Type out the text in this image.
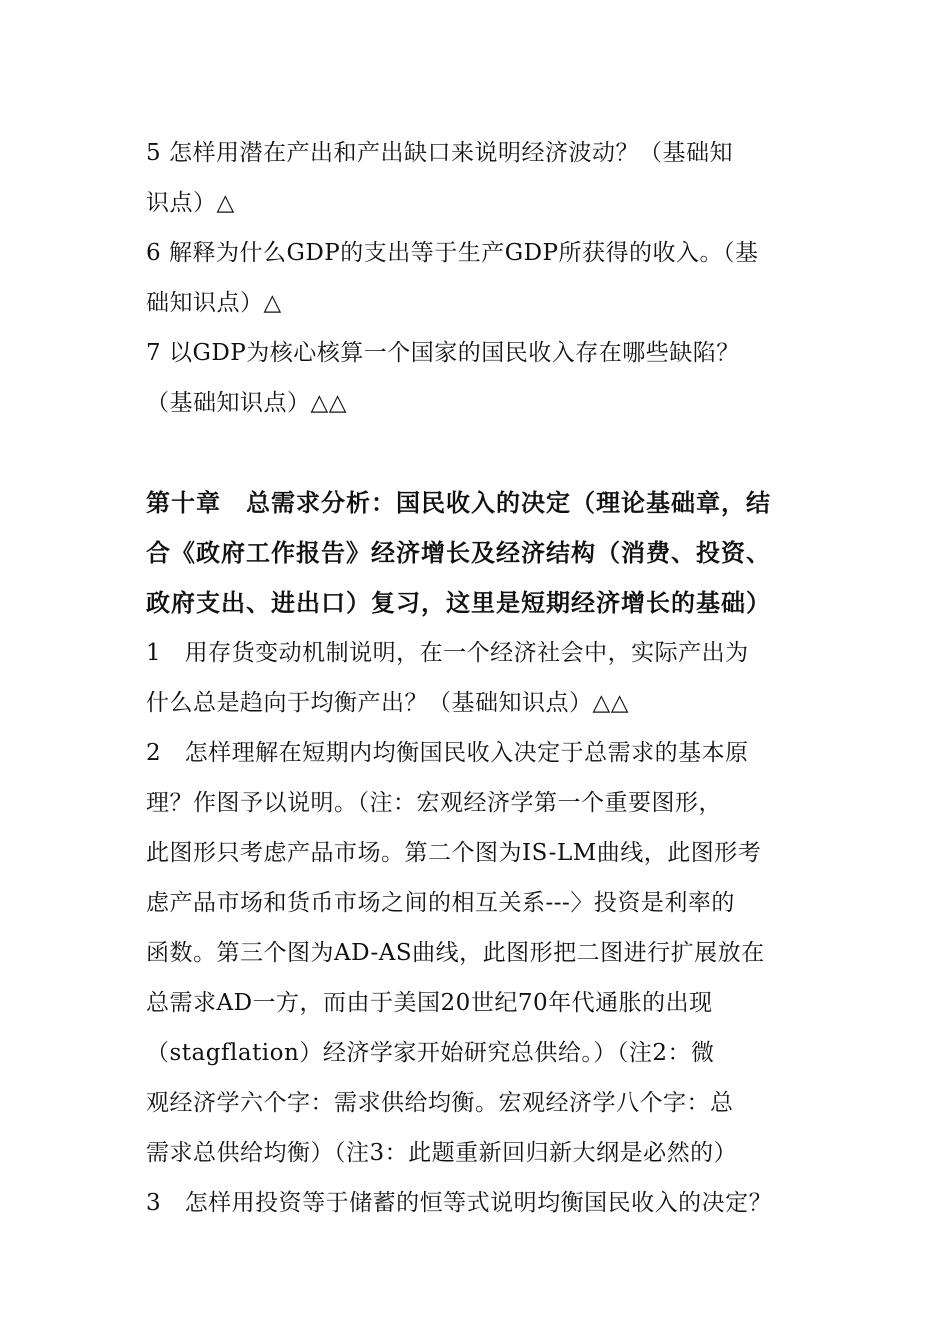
5 怎样用潜在产出和产出缺口来说明经济波动？（基础知
识点）△
6 解释为什么GDP的支出等于生产GDP所获得的收入。（基
础知识点）△
7 以GDP为核心核算一个国家的国民收入存在哪些缺陷？
（基础知识点）△△
第十章　总需求分析：国民收入的决定（理论基础章，结
合《政府工作报告》经济增长及经济结构（消费、投资、
政府支出、进出口）复习，这里是短期经济增长的基础）
1　用存货变动机制说明，在一个经济社会中，实际产出为
什么总是趋向于均衡产出？（基础知识点）△△
2　怎样理解在短期内均衡国民收入决定于总需求的基本原
理？作图予以说明。（注：宏观经济学第一个重要图形，
此图形只考虑产品市场。第二个图为IS-LM曲线，此图形考
虑产品市场和货币市场之间的相互关系---〉投资是利率的
函数。第三个图为AD-AS曲线，此图形把二图进行扩展放在
总需求AD一方，而由于美国20世纪70年代通胀的出现
（stagflation）经济学家开始研究总供给。）（注2：微
观经济学六个字：需求供给均衡。宏观经济学八个字：总
需求总供给均衡）（注3：此题重新回归新大纲是必然的）
3　怎样用投资等于储蓄的恒等式说明均衡国民收入的决定？
